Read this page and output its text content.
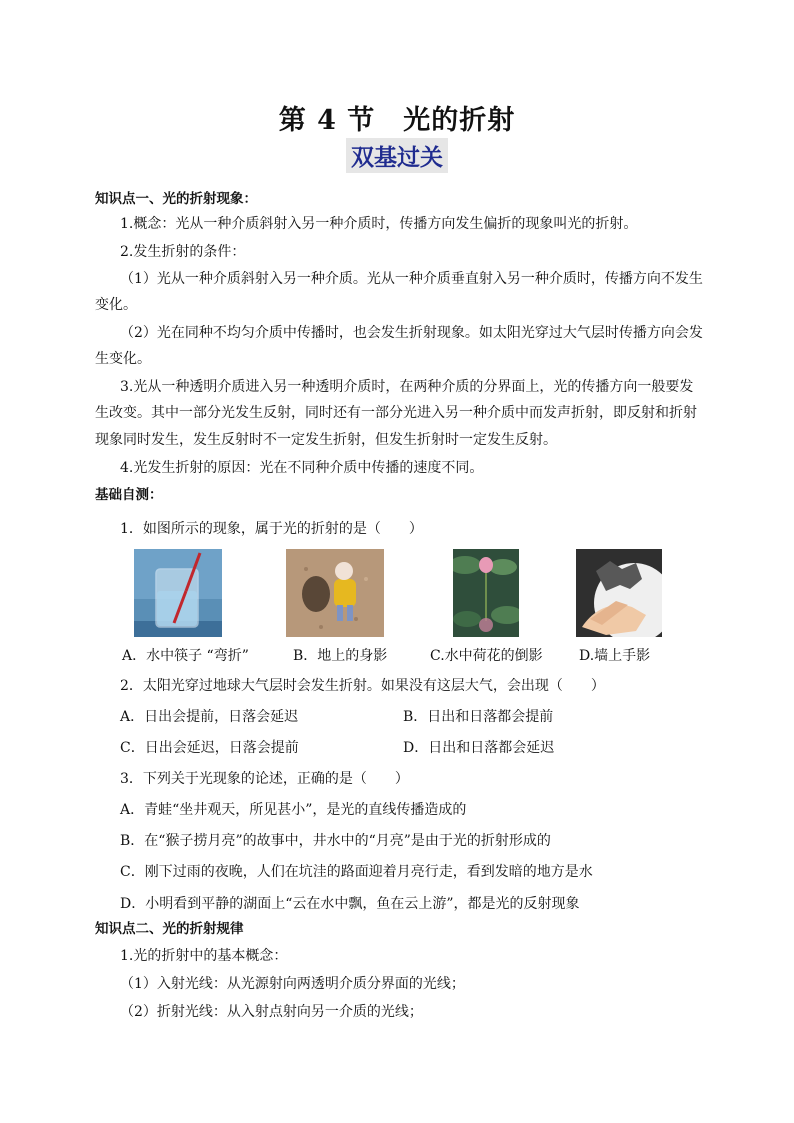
第 4 节　光的折射
双基过关
知识点一、光的折射现象：
1.概念：光从一种介质斜射入另一种介质时，传播方向发生偏折的现象叫光的折射。
2.发生折射的条件：
（1）光从一种介质斜射入另一种介质。光从一种介质垂直射入另一种介质时，传播方向不发生
变化。
（2）光在同种不均匀介质中传播时，也会发生折射现象。如太阳光穿过大气层时传播方向会发
生变化。
3.光从一种透明介质进入另一种透明介质时，在两种介质的分界面上，光的传播方向一般要发
生改变。其中一部分光发生反射，同时还有一部分光进入另一种介质中而发声折射，即反射和折射
现象同时发生，发生反射时不一定发生折射，但发生折射时一定发生反射。
4.光发生折射的原因：光在不同种介质中传播的速度不同。
基础自测：
1．如图所示的现象，属于光的折射的是（　　）
A．水中筷子 “弯折”	B．地上的身影	C.水中荷花的倒影	D.墙上手影
2．太阳光穿过地球大气层时会发生折射。如果没有这层大气，会出现（　　）
A．日出会提前，日落会延迟	B．日出和日落都会提前
C．日出会延迟，日落会提前	D．日出和日落都会延迟
3．下列关于光现象的论述，正确的是（　　）
A．青蛙“坐井观天，所见甚小”，是光的直线传播造成的
B．在“猴子捞月亮”的故事中，井水中的“月亮”是由于光的折射形成的
C．刚下过雨的夜晚，人们在坑洼的路面迎着月亮行走，看到发暗的地方是水
D．小明看到平静的湖面上“云在水中飘，鱼在云上游”，都是光的反射现象
知识点二、光的折射规律
1.光的折射中的基本概念：
（1）入射光线：从光源射向两透明介质分界面的光线；
（2）折射光线：从入射点射向另一介质的光线；
